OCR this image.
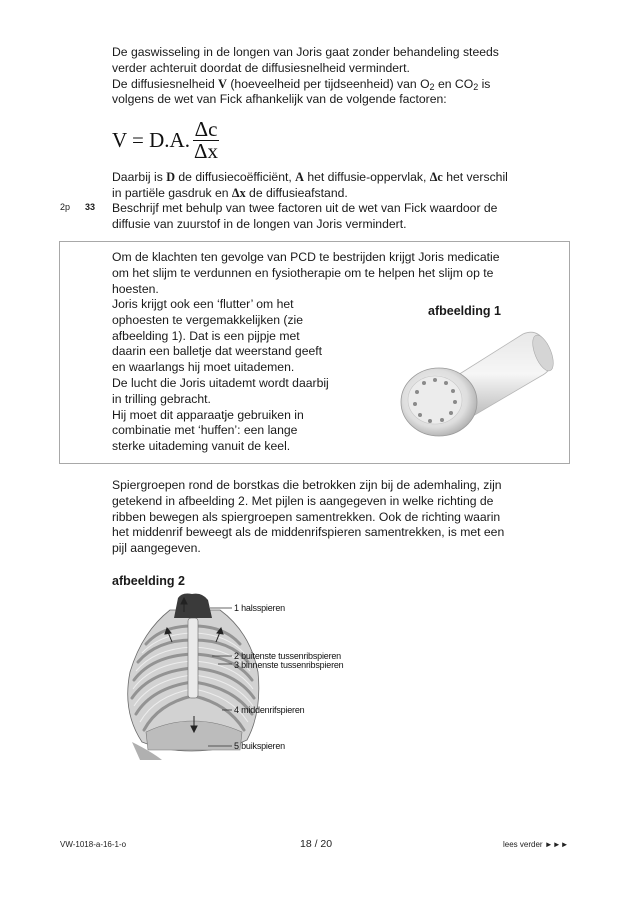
De gaswisseling in de longen van Joris gaat zonder behandeling steeds
verder achteruit doordat de diffusiesnelheid vermindert.
De diffusiesnelheid V (hoeveelheid per tijdseenheid) van $O_2$ en $CO_2$ is
volgens de wet van Fick afhankelijk van de volgende factoren:
V = D.A. $\frac{\Delta c}{\Delta x}$
Daarbij is D de diffusiecoëfficiënt, A het diffusie-oppervlak, Δc het verschil
in partiële gasdruk en Δx de diffusieafstand.
2p 33 Beschrijf met behulp van twee factoren uit de wet van Fick waardoor de
diffusie van zuurstof in de longen van Joris vermindert.
Om de klachten ten gevolge van PCD te bestrijden krijgt Joris medicatie
om het slijm te verdunnen en fysiotherapie om te helpen het slijm op te
hoesten.
Joris krijgt ook een ‘flutter’ om het
ophoesten te vergemakkelijken (zie
afbeelding 1). Dat is een pijpje met
daarin een balletje dat weerstand geeft
en waarlangs hij moet uitademen.
De lucht die Joris uitademt wordt daarbij
in trilling gebracht.
Hij moet dit apparaatje gebruiken in
combinatie met ‘huffen’: een lange
sterke uitademing vanuit de keel.
afbeelding 1
Spiergroepen rond de borstkas die betrokken zijn bij de ademhaling, zijn
getekend in afbeelding 2. Met pijlen is aangegeven in welke richting de
ribben bewegen als spiergroepen samentrekken. Ook de richting waarin
het middenrif beweegt als de middenrifspieren samentrekken, is met een
pijl aangegeven.
afbeelding 2
1 halsspieren
2 buitenste tussenribspieren
3 binnenste tussenribspieren
4 middenrifspieren
5 buikspieren
VW-1018-a-16-1-o	18 / 20	lees verder ►►►
